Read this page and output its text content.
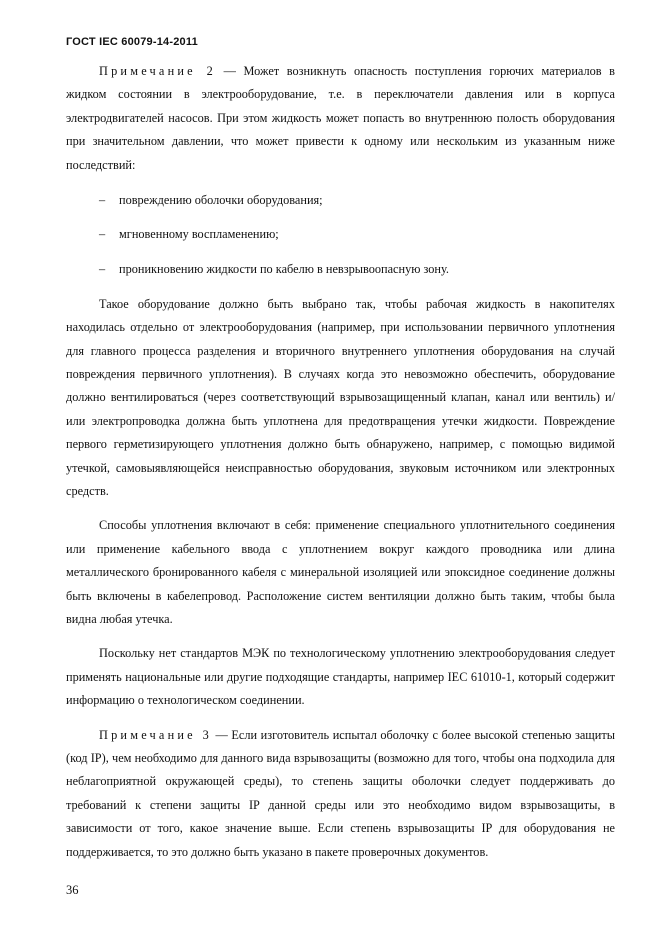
ГОСТ IEC 60079-14-2011

Примечание 2 — Может возникнуть опасность поступления горючих материалов в жидком состоянии в электрооборудование, т.е. в переключатели давления или в корпуса электродвигателей насосов. При этом жидкость может попасть во внутреннюю полость оборудования при значительном давлении, что может привести к одному или нескольким из указанным ниже последствий:

– повреждению оболочки оборудования;

– мгновенному воспламенению;

– проникновению жидкости по кабелю в невзрывоопасную зону.

Такое оборудование должно быть выбрано так, чтобы рабочая жидкость в накопителях находилась отдельно от электрооборудования (например, при использовании первичного уплотнения для главного процесса разделения и вторичного внутреннего уплотнения оборудования на случай повреждения первичного уплотнения). В случаях когда это невозможно обеспечить, оборудование должно вентилироваться (через соответствующий взрывозащищенный клапан, канал или вентиль) и/или электропроводка должна быть уплотнена для предотвращения утечки жидкости. Повреждение первого герметизирующего уплотнения должно быть обнаружено, например, с помощью видимой утечкой, самовыявляющейся неисправностью оборудования, звуковым источником или электронных средств.

Способы уплотнения включают в себя: применение специального уплотнительного соединения или применение кабельного ввода с уплотнением вокруг каждого проводника или длина металлического бронированного кабеля с минеральной изоляцией или эпоксидное соединение должны быть включены в кабелепровод. Расположение систем вентиляции должно быть таким, чтобы была видна любая утечка.

Поскольку нет стандартов МЭК по технологическому уплотнению электрооборудования следует применять национальные или другие подходящие стандарты, например IEC 61010-1, который содержит информацию о технологическом соединении.

Примечание 3 — Если изготовитель испытал оболочку с более высокой степенью защиты (код IP), чем необходимо для данного вида взрывозащиты (возможно для того, чтобы она подходила для неблагоприятной окружающей среды), то степень защиты оболочки следует поддерживать до требований к степени защиты IP данной среды или это необходимо видом взрывозащиты, в зависимости от того, какое значение выше. Если степень взрывозащиты IP для оборудования не поддерживается, то это должно быть указано в пакете проверочных документов.

36
